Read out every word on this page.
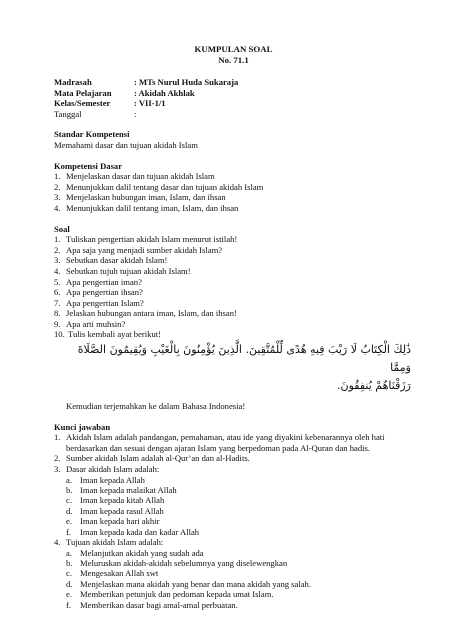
KUMPULAN SOAL
No. 71.1
Madrasah	: MTs Nurul Huda Sukaraja
Mata Pelajaran	: Akidah Akhlak
Kelas/Semester	: VII-1/1
Tanggal	:
Standar Kompetensi
Memahami dasar dan tujuan akidah Islam
Kompetensi Dasar
1. Menjelaskan dasar dan tujuan akidah Islam
2. Menunjukkan dalil tentang dasar dan tujuan akidah Islam
3. Menjelaskan hubungan iman, Islam, dan ihsan
4. Menunjukkan dalil tentang iman, Islam, dan ihsan
Soal
1. Tuliskan pengertian akidah Islam menurut istilah!
2. Apa saja yang menjadi sumber akidah Islam?
3. Sebutkan dasar akidah Islam!
4. Sebutkan tujuh tujuan akidah Islam!
5. Apa pengertian iman?
6. Apa pengertian ihsan?
7. Apa pengertian Islam?
8. Jelaskan hubungan antara iman, Islam, dan ihsan!
9. Apa arti muhsin?
10. Tulis kembali ayat berikut!
ذَٰلِكَ الْكِتَابُ لَا رَيْبَ فِيهِ هُدًى لِّلْمُتَّقِينَ. الَّذِينَ يُؤْمِنُونَ بِالْغَيْبِ وَيُقِيمُونَ الصَّلَاةَ وَمِمَّا
رَزَقْنَاهُمْ يُنفِقُونَ.
Kemudian terjemahkan ke dalam Bahasa Indonesia!
Kunci jawaban
1. Akidah Islam adalah pandangan, pemahaman, atau ide yang diyakini kebenarannya oleh hati
berdasarkan dan sesuai dengan ajaran Islam yang berpedoman pada Al-Quran dan hadis.
2. Sumber akidah Islam adalah al-Qur’an dan al-Hadits.
3. Dasar akidah Islam adalah:
a. Iman kepada Allah
b. Iman kepada malaikat Allah
c. Iman kepada kitab Allah
d. Iman kepada rasul Allah
e. Iman kepada hari akhir
f.	Iman kepada kada dan kadar Allah
4. Tujuan akidah Islam adalah:
a. Melanjutkan akidah yang sudah ada
b. Meluruskan akidah-akidah sebelumnya yang diselewengkan
c. Mengesakan Allah swt
d. Menjelaskan mana akidah yang benar dan mana akidah yang salah.
e. Memberikan petunjuk dan pedoman kepada umat Islam.
f.	Memberikan dasar bagi amal-amal perbuatan.
